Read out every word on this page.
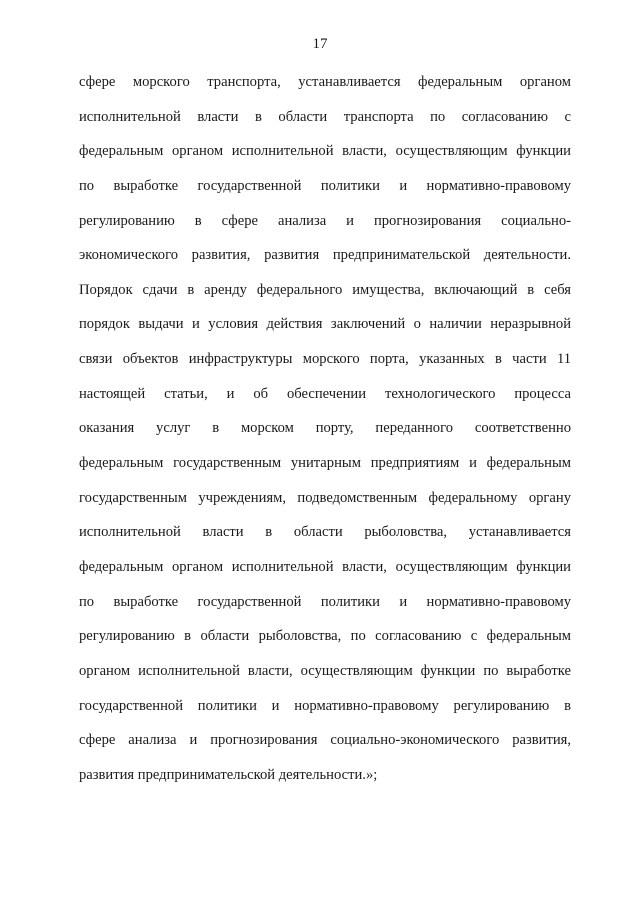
17
сфере морского транспорта, устанавливается федеральным органом
исполнительной власти в области транспорта по согласованию с
федеральным органом исполнительной власти, осуществляющим функции
по выработке государственной политики и нормативно-правовому
регулированию в сфере анализа и прогнозирования социально-
экономического развития, развития предпринимательской деятельности.
Порядок сдачи в аренду федерального имущества, включающий в себя
порядок выдачи и условия действия заключений о наличии неразрывной
связи объектов инфраструктуры морского порта, указанных в части 11
настоящей статьи, и об обеспечении технологического процесса
оказания услуг в морском порту, переданного соответственно
федеральным государственным унитарным предприятиям и федеральным
государственным учреждениям, подведомственным федеральному органу
исполнительной власти в области рыболовства, устанавливается
федеральным органом исполнительной власти, осуществляющим функции
по выработке государственной политики и нормативно-правовому
регулированию в области рыболовства, по согласованию с федеральным
органом исполнительной власти, осуществляющим функции по выработке
государственной политики и нормативно-правовому регулированию в
сфере анализа и прогнозирования социально-экономического развития,
развития предпринимательской деятельности.»;
